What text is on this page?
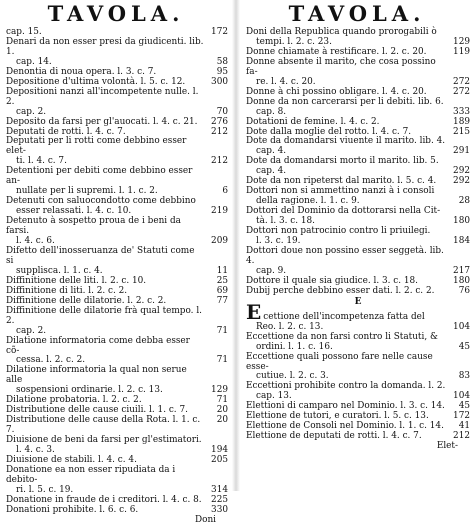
TAVOLA.
cap. 15.	172
Denari da non esser presi da giudicenti. lib. 1.
cap. 14.	58
Denontia di noua opera. l. 3. c. 7.	95
Depositione d'ultima volontà. l. 5. c. 12.	300
Depositioni nanzi all'incompetente nulle. l. 2.
cap. 2.	70
Deposito da farsi per gl'auocati. l. 4. c. 21.	276
Deputati de rotti. l. 4. c. 7.	212
Deputati per li rotti come debbino esser elet-
ti. l. 4. c. 7.	212
Detentioni per debiti come debbino esser an-
nullate per li supremi. l. 1. c. 2.	6
Detenuti con saluocondotto come debbino
esser relassati. l. 4. c. 10.	219
Detenuto à sospetto proua de i beni da farsi.
l. 4. c. 6.	209
Difetto dell'inosseruanza de' Statuti come si
supplisca. l. 1. c. 4.	11
Diffinitione delle liti. l. 2. c. 10.	25
Diffinitione di liti. l. 2. c. 2.	69
Diffinitione delle dilatorie. l. 2. c. 2.	77
Diffinitione delle dilatorie frà qual tempo. l. 2.
cap. 2.	71
Dilatione informatoria come debba esser cõ-
cessa. l. 2. c. 2.	71
Dilatione informatoria la qual non serue alle
sospensioni ordinarie. l. 2. c. 13.	129
Dilatione probatoria. l. 2. c. 2.	71
Distributione delle cause ciuili. l. 1. c. 7.	20
Distributione delle cause della Rota. l. 1. c. 7.
20
Diuisione de beni da farsi per gl'estimatori.
l. 4. c. 3.	194
Diuisione de stabili. l. 4. c. 4.	205
Donatione ea non esser ripudiata da i debito-
ri. l. 5. c. 19.	314
Donatione in fraude de i creditori. l. 4. c. 8.	225
Donationi prohibite. l. 6. c. 6.	330
Doni
TAVOLA.
Doni della Republica quando prorogabili ò
tempi. l. 2. c. 23.	129
Donne chiamate à restificare. l. 2. c. 20.	119
Donne absente il marito, che cosa possino fa-
re. l. 4. c. 20.	272
Donne à chi possino obligare. l. 4. c. 20.	272
Donne da non carcerarsi per li debiti. lib. 6.
cap. 8.	333
Dotationi de femine. l. 4. c. 2.	189
Dote dalla moglie del rotto. l. 4. c. 7.	215
Dote da domandarsi viuente il marito. lib. 4.
cap. 4.	291
Dote da domandarsi morto il marito. lib. 5.
cap. 4.	292
Dote da non ripeterst dal marito. l. 5. c. 4.	292
Dottori non si ammettino nanzi à i consoli
della ragione. l. 1. c. 9.	28
Dottori del Dominio da dottorarsi nella Cit-
tà. l. 3. c. 18.	180
Dottori non patrocinio contro li priuilegi.
l. 3. c. 19.	184
Dottori doue non possino esser seggetà. lib. 4.
cap. 9.	217
Dottore il quale sia giudice. l. 3. c. 18.	180
Dubij perche debbino esser dati. l. 2. c. 2.	76
E
E cettione dell'incompetenza fatta del
Reo. l. 2. c. 13.	104
Eccettione da non farsi contro li Statuti, &
ordini. l. 1. c. 16.	45
Eccettione quali possono fare nelle cause esse-
cutiue. l. 2. c. 3.	83
Eccettioni prohibite contro la domanda. l. 2.
cap. 13.	104
Elettioni di camparo nel Dominio. l. 3. c. 14.	45
Elettione de tutori, e curatori. l. 5. c. 13.	172
Elettione de Consoli nel Dominio. l. 1. c. 14.	41
Elettione de deputati de rotti. l. 4. c. 7.	212
Elet-
